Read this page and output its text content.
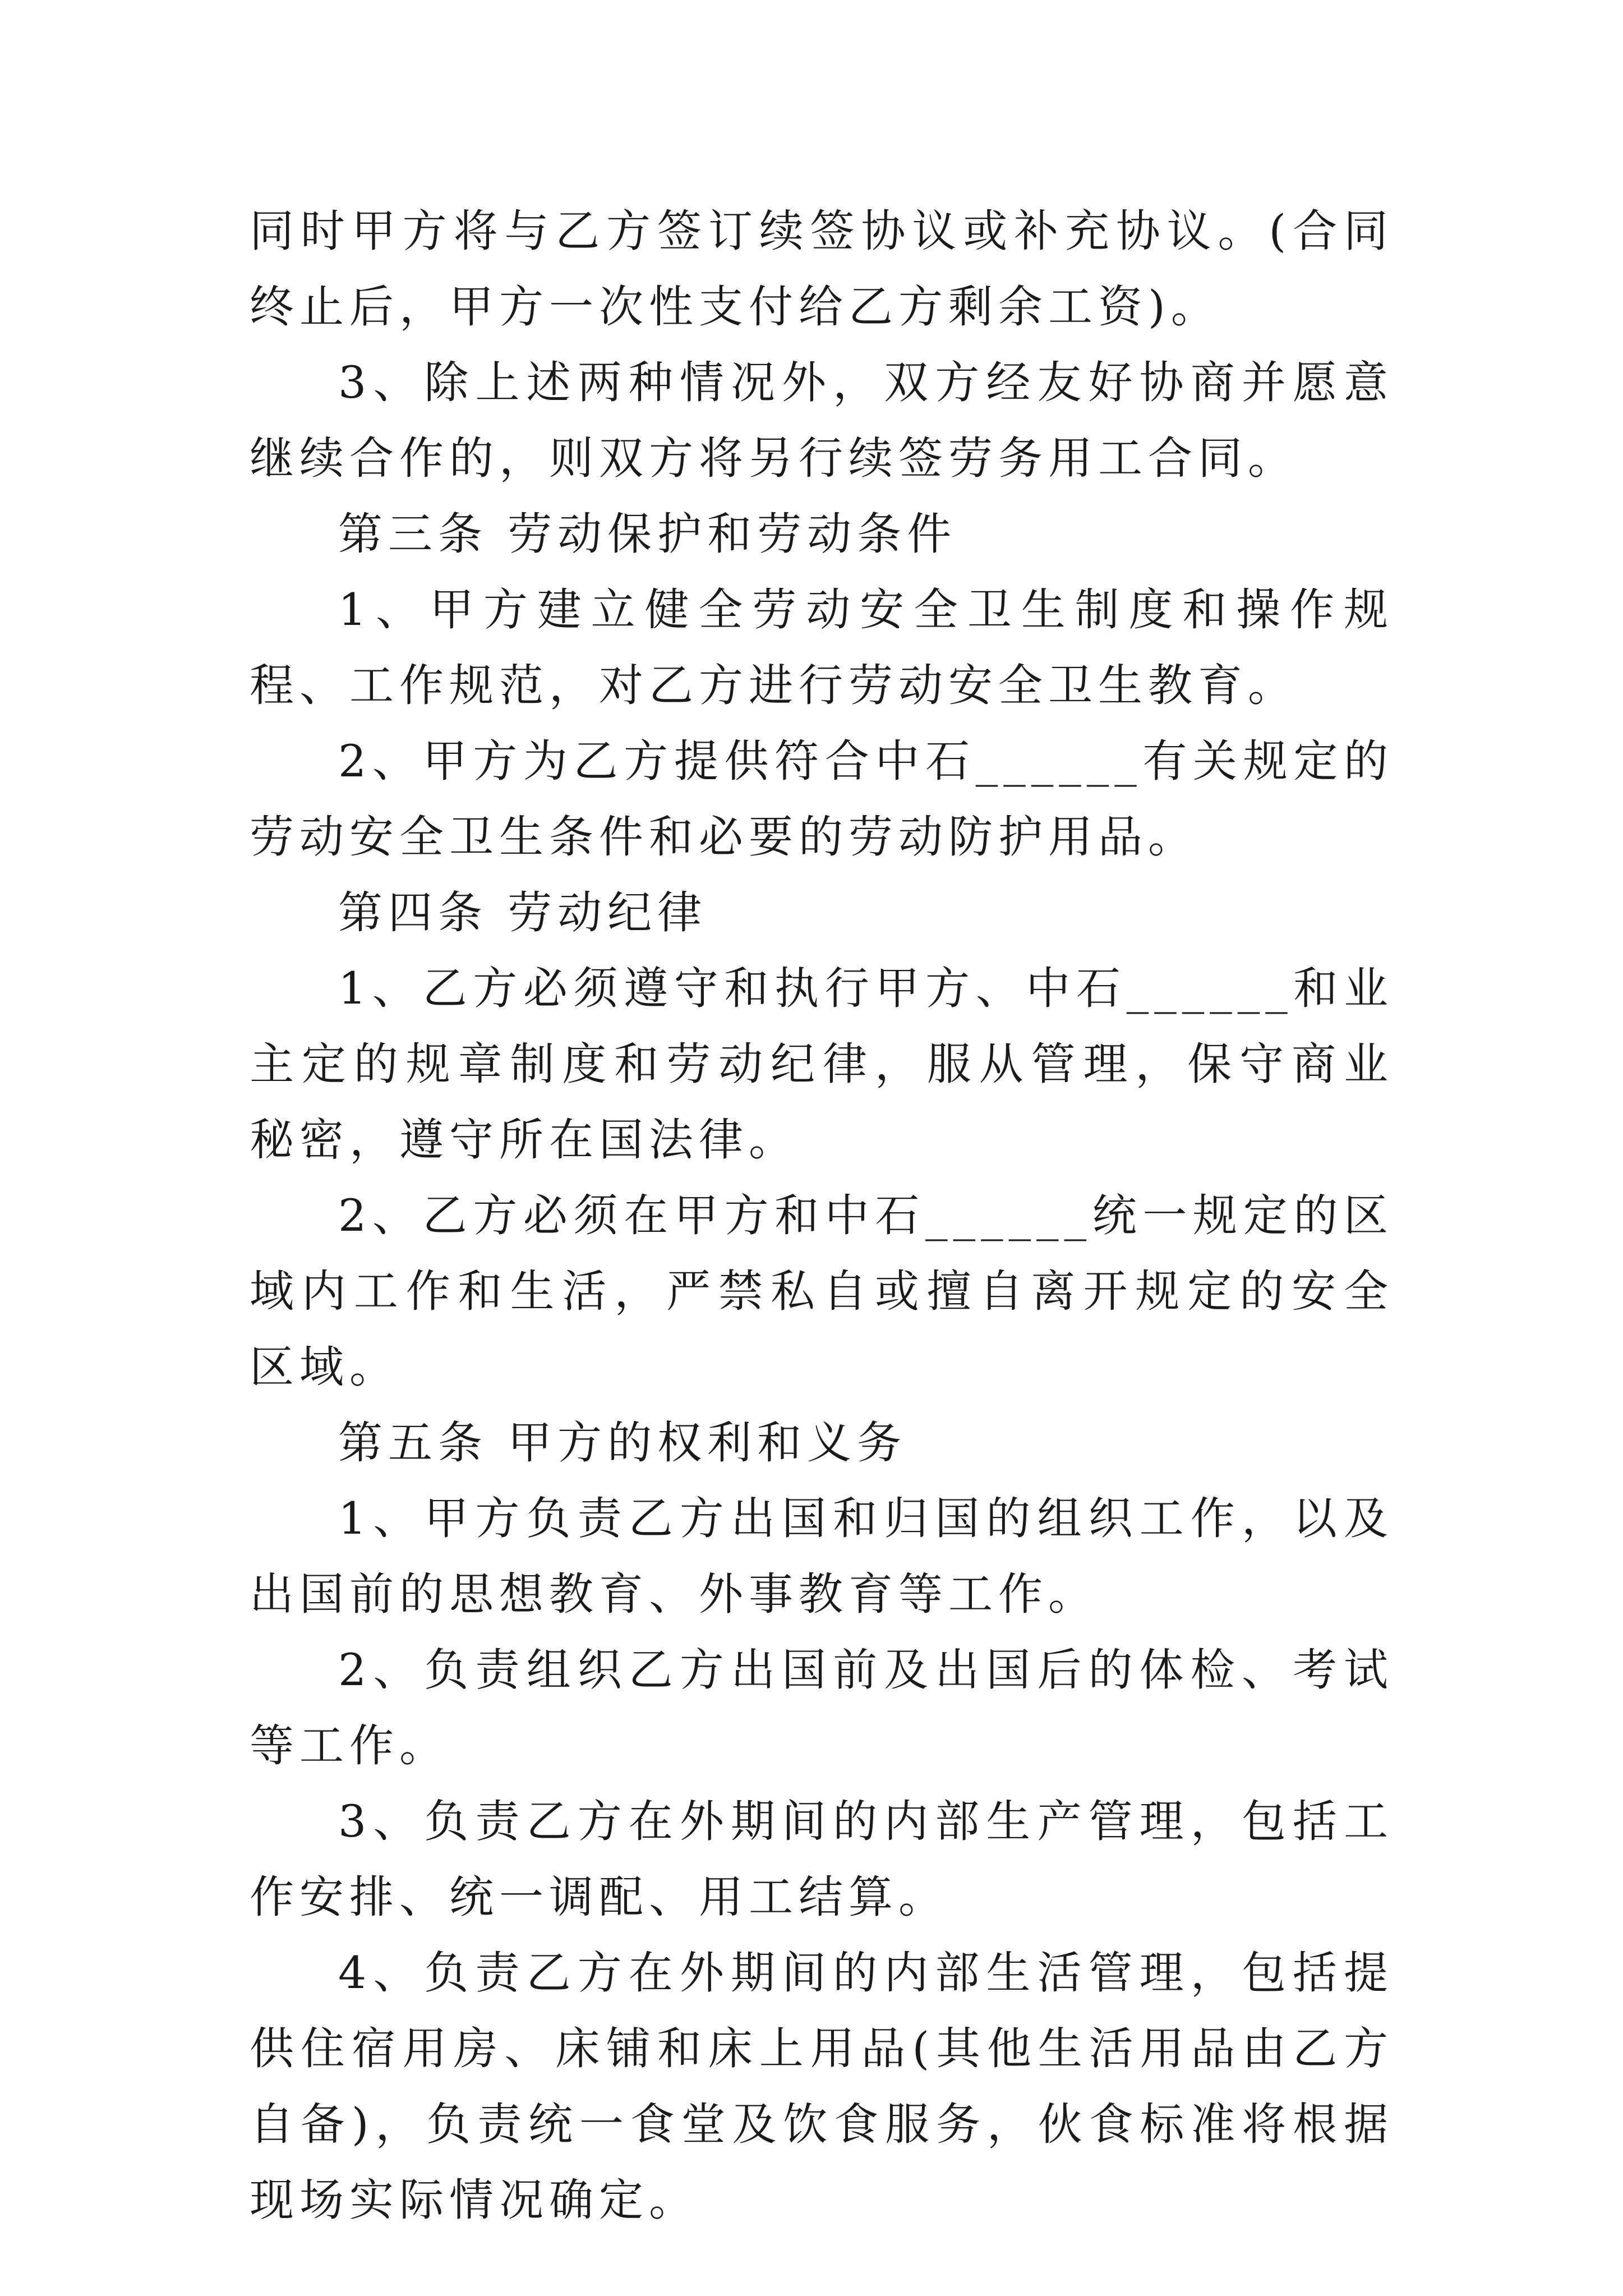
同时甲方将与乙方签订续签协议或补充协议。(合同终止后，甲方一次性支付给乙方剩余工资)。

3、除上述两种情况外，双方经友好协商并愿意继续合作的，则双方将另行续签劳务用工合同。

第三条 劳动保护和劳动条件

1、甲方建立健全劳动安全卫生制度和操作规程、工作规范，对乙方进行劳动安全卫生教育。

2、甲方为乙方提供符合中石______有关规定的劳动安全卫生条件和必要的劳动防护用品。

第四条 劳动纪律

1、乙方必须遵守和执行甲方、中石______和业主定的规章制度和劳动纪律，服从管理，保守商业秘密，遵守所在国法律。

2、乙方必须在甲方和中石______统一规定的区域内工作和生活，严禁私自或擅自离开规定的安全区域。

第五条 甲方的权利和义务

1、甲方负责乙方出国和归国的组织工作，以及出国前的思想教育、外事教育等工作。

2、负责组织乙方出国前及出国后的体检、考试等工作。

3、负责乙方在外期间的内部生产管理，包括工作安排、统一调配、用工结算。

4、负责乙方在外期间的内部生活管理，包括提供住宿用房、床铺和床上用品(其他生活用品由乙方自备)，负责统一食堂及饮食服务，伙食标准将根据现场实际情况确定。
